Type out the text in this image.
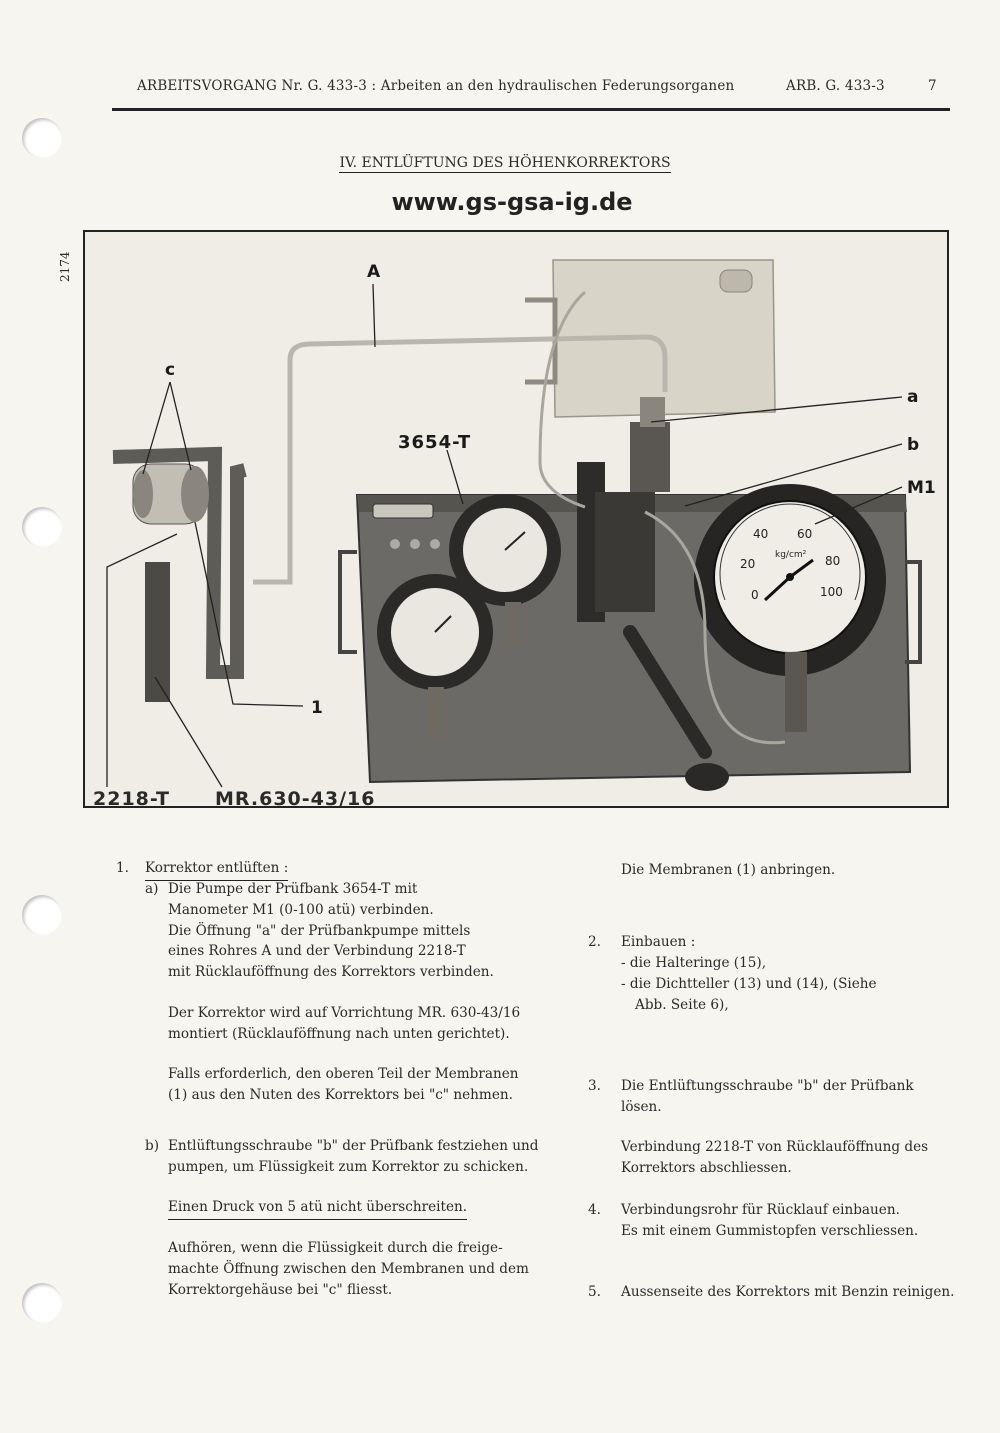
ARBEITSVORGANG Nr. G. 433-3 : Arbeiten an den hydraulischen Federungsorganen	ARB. G. 433-3	7
IV. ENTLÜFTUNG DES HÖHENKORREKTORS
www.gs-gsa-ig.de
2174	A
c
3654-T
a
b
M1
1
2218-T MR.630-43/16
0
20
40 60
80
100
kg/cm²
1. Korrektor entlüften :
a) Die Pumpe der Prüfbank 3654-T mit
Manometer M1 (0-100 atü) verbinden.
Die Öffnung "a" der Prüfbankpumpe mittels
eines Rohres A und der Verbindung 2218-T
mit Rücklauföffnung des Korrektors verbinden.
Der Korrektor wird auf Vorrichtung MR. 630-43/16
montiert (Rücklauföffnung nach unten gerichtet).
Falls erforderlich, den oberen Teil der Membranen
(1) aus den Nuten des Korrektors bei "c" nehmen.
b) Entlüftungsschraube "b" der Prüfbank festziehen und
pumpen, um Flüssigkeit zum Korrektor zu schicken.
Einen Druck von 5 atü nicht überschreiten.
Aufhören, wenn die Flüssigkeit durch die freige-
machte Öffnung zwischen den Membranen und dem
Korrektorgehäuse bei "c" fliesst.
Die Membranen (1) anbringen.
2. Einbauen :
- die Halteringe (15),
- die Dichtteller (13) und (14), (Siehe
Abb. Seite 6),
3. Die Entlüftungsschraube "b" der Prüfbank
lösen.
Verbindung 2218-T von Rücklauföffnung des
Korrektors abschliessen.
4. Verbindungsrohr für Rücklauf einbauen.
Es mit einem Gummistopfen verschliessen.
5. Aussenseite des Korrektors mit Benzin reinigen.
